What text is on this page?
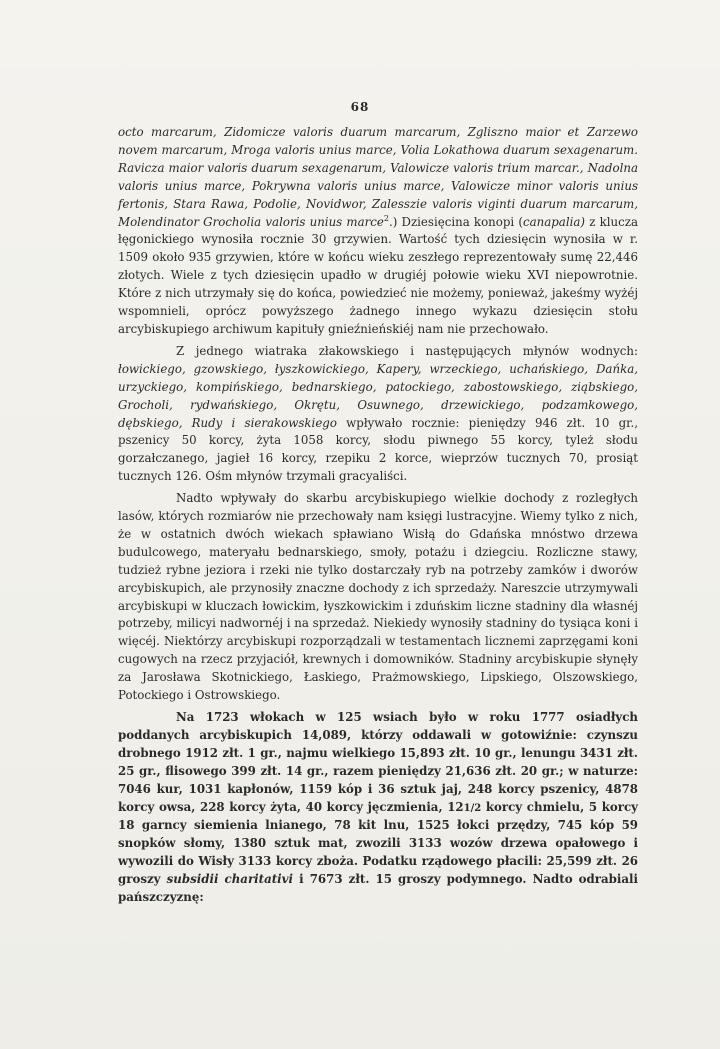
68

octo marcarum, Zidomicze valoris duarum marcarum, Zgliszno maior et Zarzewo novem marcarum, Mroga valoris unius marce, Volia Lokathowa duarum sexagenarum. Ravicza maior valoris duarum sexagenarum, Valowicze valoris trium marcar., Nadolna valoris unius marce, Pokrywna valoris unius marce, Valowicze minor valoris unius fertonis, Stara Rawa, Podolie, Novidwor, Zalesszie valoris viginti duarum marcarum, Molendinator Grocholia valoris unius marce$^2$.) Dziesięcina konopi (canapalia) z klucza łęgonickiego wynosiła rocznie 30 grzywien. Wartość tych dziesięcin wynosiła w r. 1509 około 935 grzywien, które w końcu wieku zeszłego reprezentowały sumę 22,446 złotych. Wiele z tych dziesięcin upadło w drugiéj połowie wieku XVI niepowrotnie. Które z nich utrzymały się do końca, powiedzieć nie możemy, ponieważ, jakeśmy wyżéj wspomnieli, oprócz powyższego żadnego innego wykazu dziesięcin stołu arcybiskupiego archiwum kapituły gnieźnieńskiéj nam nie przechowało.

Z jednego wiatraka złakowskiego i następujących młynów wodnych: łowickiego, gzowskiego, łyszkowickiego, Kapery, wrzeckiego, uchańskiego, Dańka, urzyckiego, kompińskiego, bednarskiego, patockiego, zabostowskiego, ziąbskiego, Grocholi, rydwańskiego, Okrętu, Osuwnego, drzewickiego, podzamkowego, dębskiego, Rudy i sierakowskiego wpływało rocznie: pieniędzy 946 złt. 10 gr., pszenicy 50 korcy, żyta 1058 korcy, słodu piwnego 55 korcy, tyleż słodu gorzałczanego, jagieł 16 korcy, rzepiku 2 korce, wieprzów tucznych 70, prosiąt tucznych 126. Ośm młynów trzymali gracyaliści.

Nadto wpływały do skarbu arcybiskupiego wielkie dochody z rozległych lasów, których rozmiarów nie przechowały nam księgi lustracyjne. Wiemy tylko z nich, że w ostatnich dwóch wiekach spławiano Wisłą do Gdańska mnóstwo drzewa budulcowego, materyału bednarskiego, smoły, potażu i dziegciu. Rozliczne stawy, tudzież rybne jeziora i rzeki nie tylko dostarczały ryb na potrzeby zamków i dworów arcybiskupich, ale przynosiły znaczne dochody z ich sprzedaży. Nareszcie utrzymywali arcybiskupi w kluczach łowickim, łyszkowickim i zduńskim liczne stadniny dla własnéj potrzeby, milicyi nadwornéj i na sprzedaż. Niekiedy wynosiły stadniny do tysiąca koni i więcéj. Niektórzy arcybiskupi rozporządzali w testamentach licznemi zaprzęgami koni cugowych na rzecz przyjaciół, krewnych i domowników. Stadniny arcybiskupie słynęły za Jarosława Skotnickiego, Łaskiego, Prażmowskiego, Lipskiego, Olszowskiego, Potockiego i Ostrowskiego.

Na 1723 włokach w 125 wsiach było w roku 1777 osiadłych poddanych arcybiskupich 14,089, którzy oddawali w gotowiźnie: czynszu drobnego 1912 złt. 1 gr., najmu wielkiego 15,893 złt. 10 gr., lenungu 3431 złt. 25 gr., flisowego 399 złt. 14 gr., razem pieniędzy 21,636 złt. 20 gr.; w naturze: 7046 kur, 1031 kapłonów, 1159 kóp i 36 sztuk jaj, 248 korcy pszenicy, 4878 korcy owsa, 228 korcy żyta, 40 korcy jęczmienia, 121/2 korcy chmielu, 5 korcy 18 garncy siemienia lnianego, 78 kit lnu, 1525 łokci przędzy, 745 kóp 59 snopków słomy, 1380 sztuk mat, zwozili 3133 wozów drzewa opałowego i wywozili do Wisły 3133 korcy zboża. Podatku rządowego płacili: 25,599 złt. 26 groszy subsidii charitativi i 7673 złt. 15 groszy podymnego. Nadto odrabiali pańszczyznę:
